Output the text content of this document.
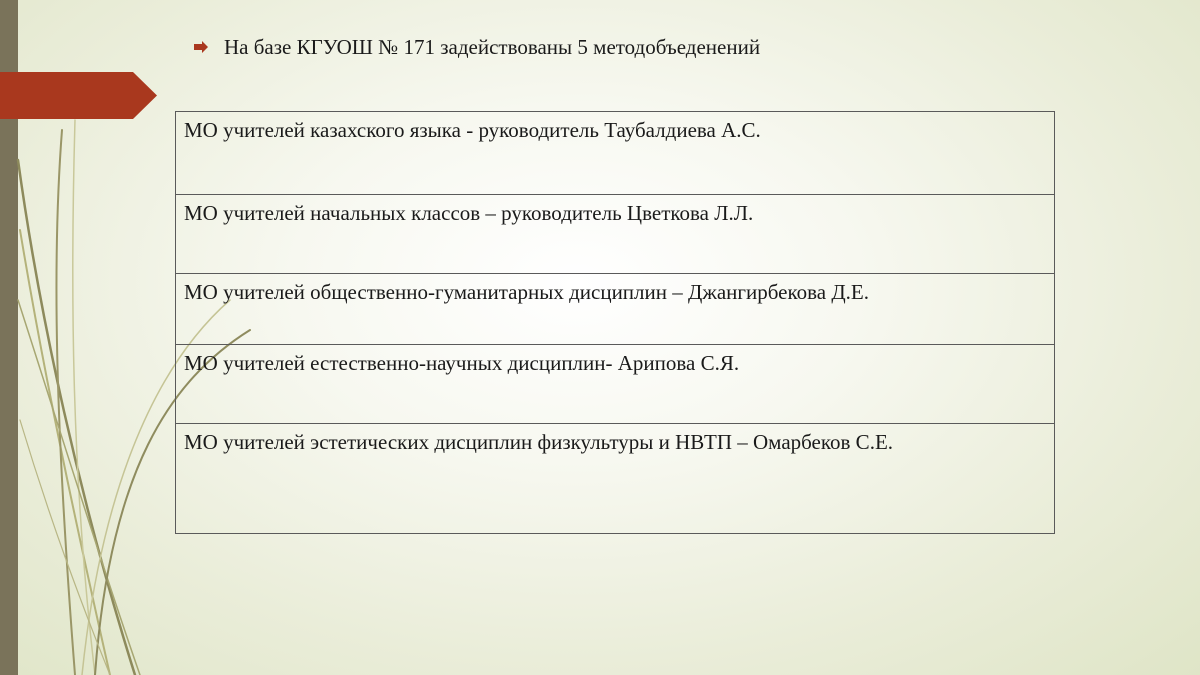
На базе КГУОШ № 171 задействованы 5 методобъеденений
МО учителей казахского языка - руководитель Таубалдиева А.С.
МО учителей начальных классов – руководитель Цветкова Л.Л.
МО учителей общественно-гуманитарных дисциплин – Джангирбекова Д.Е.
МО учителей естественно-научных дисциплин- Арипова С.Я.
МО учителей эстетических дисциплин физкультуры и НВТП – Омарбеков С.Е.
